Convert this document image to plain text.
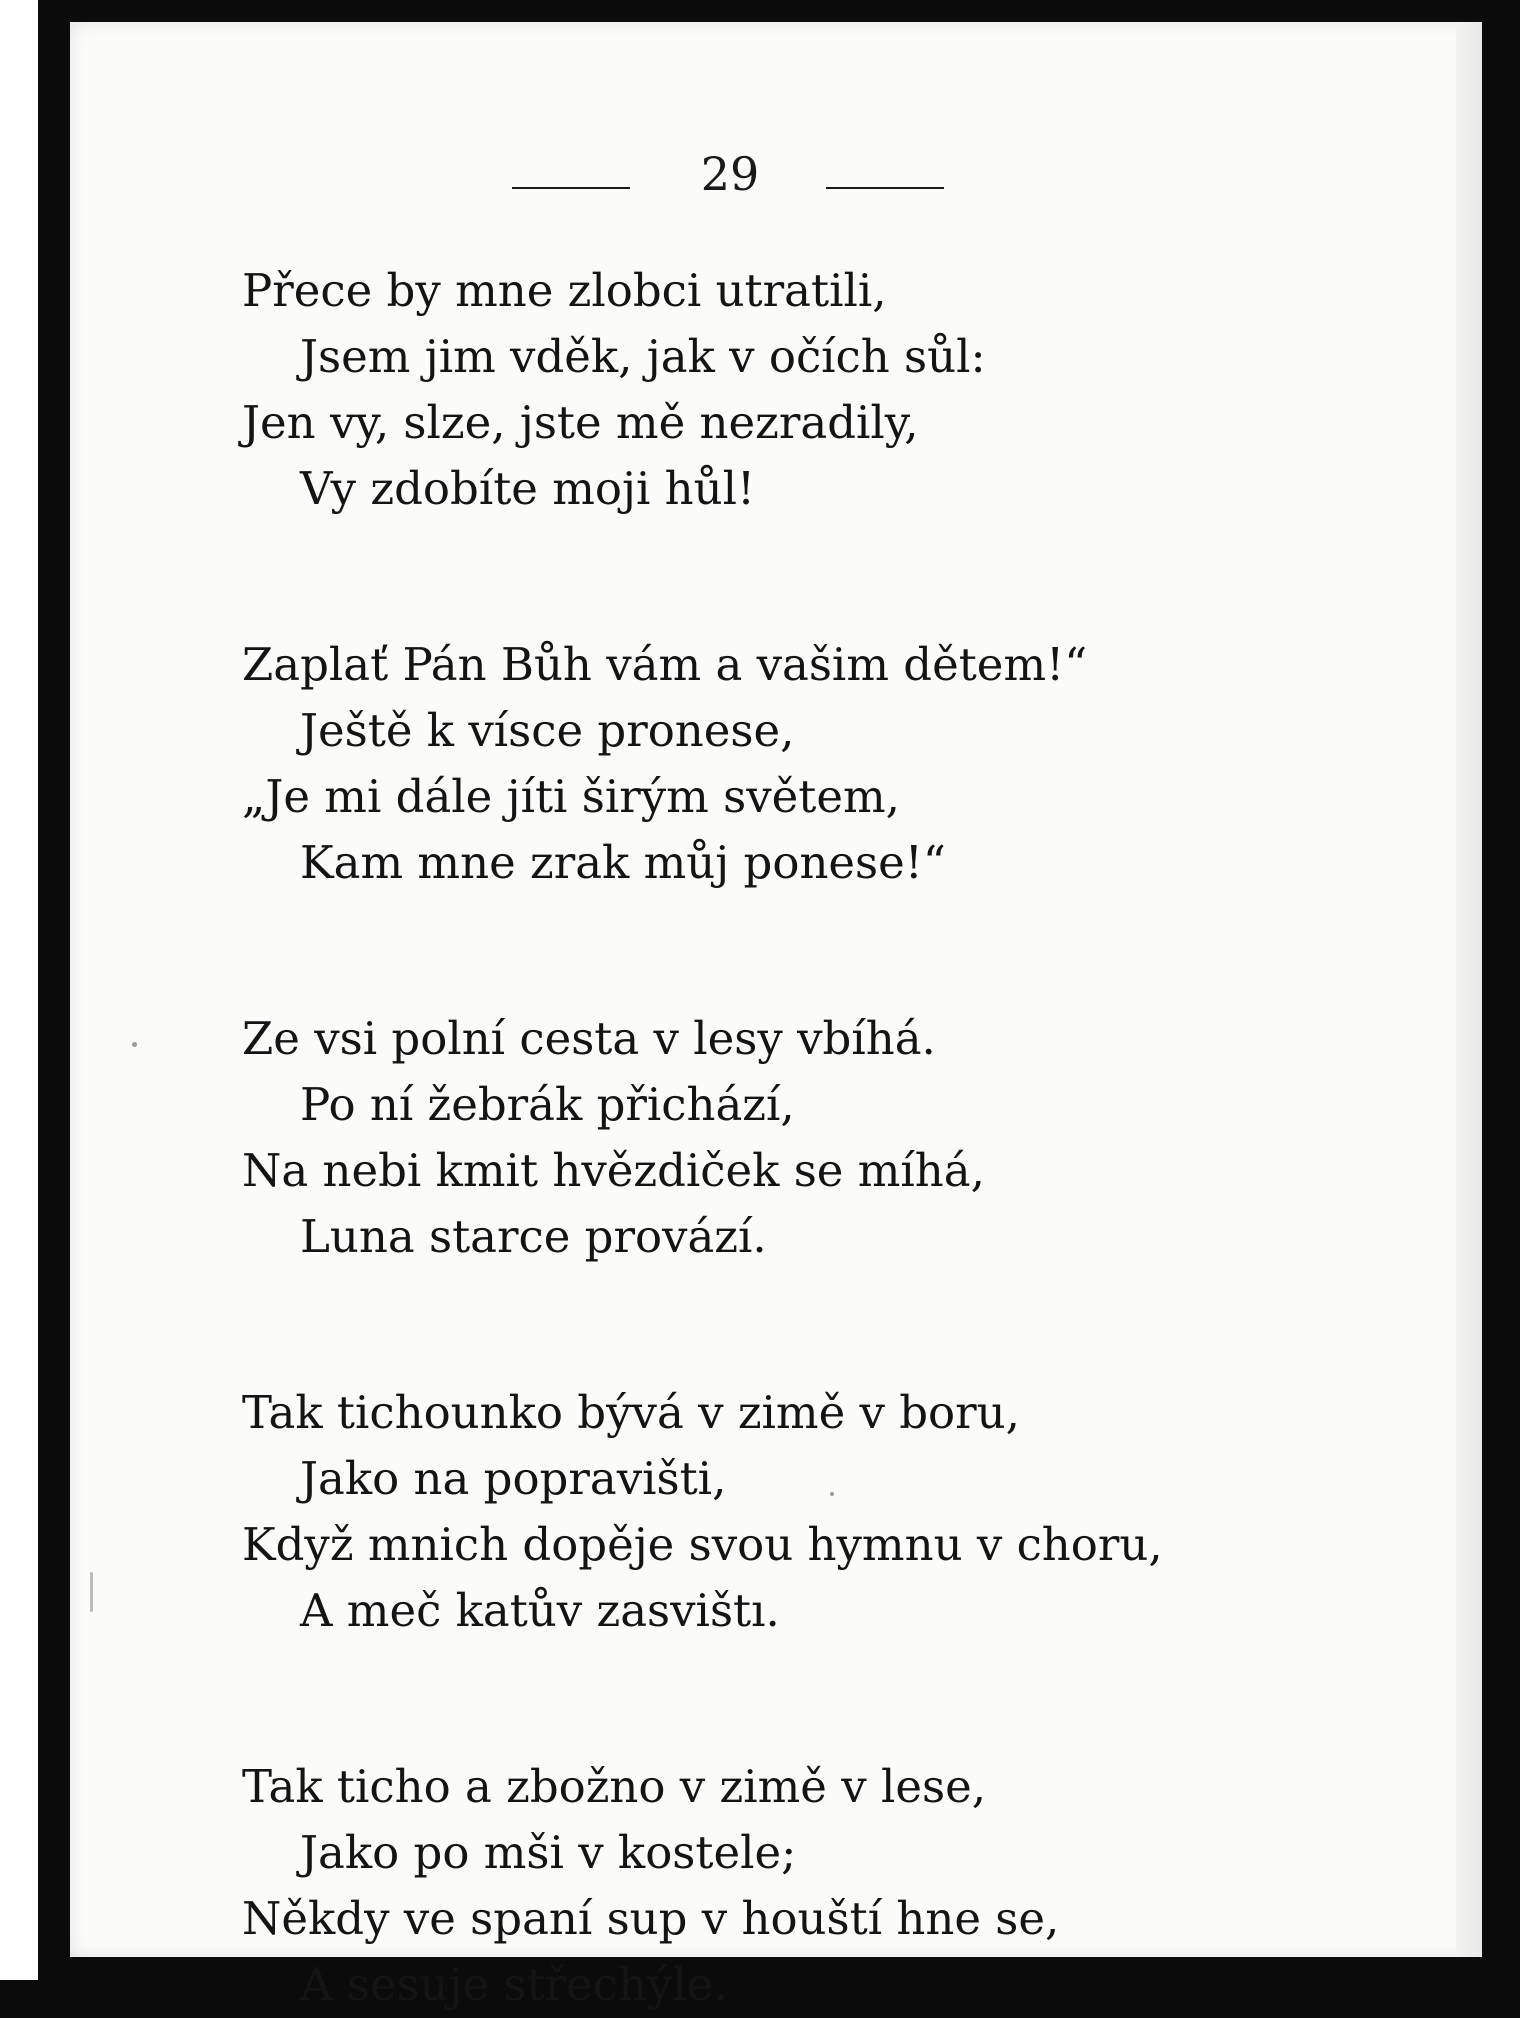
29
Přece by mne zlobci utratili,
Jsem jim vděk, jak v očích sůl:
Jen vy, slze, jste mě nezradily,
Vy zdobíte moji hůl!
Zaplať Pán Bůh vám a vašim dětem!“
Ještě k vísce pronese,
„Je mi dále jíti širým světem,
Kam mne zrak můj ponese!“
Ze vsi polní cesta v lesy vbíhá.
Po ní žebrák přichází,
Na nebi kmit hvězdiček se míhá,
Luna starce provází.
Tak tichounko bývá v zimě v boru,
Jako na popravišti,
Když mnich dopěje svou hymnu v choru,
A meč katův zasvištı.
Tak ticho a zbožno v zimě v lese,
Jako po mši v kostele;
Někdy ve spaní sup v houští hne se,
A sesuje střechýle.
